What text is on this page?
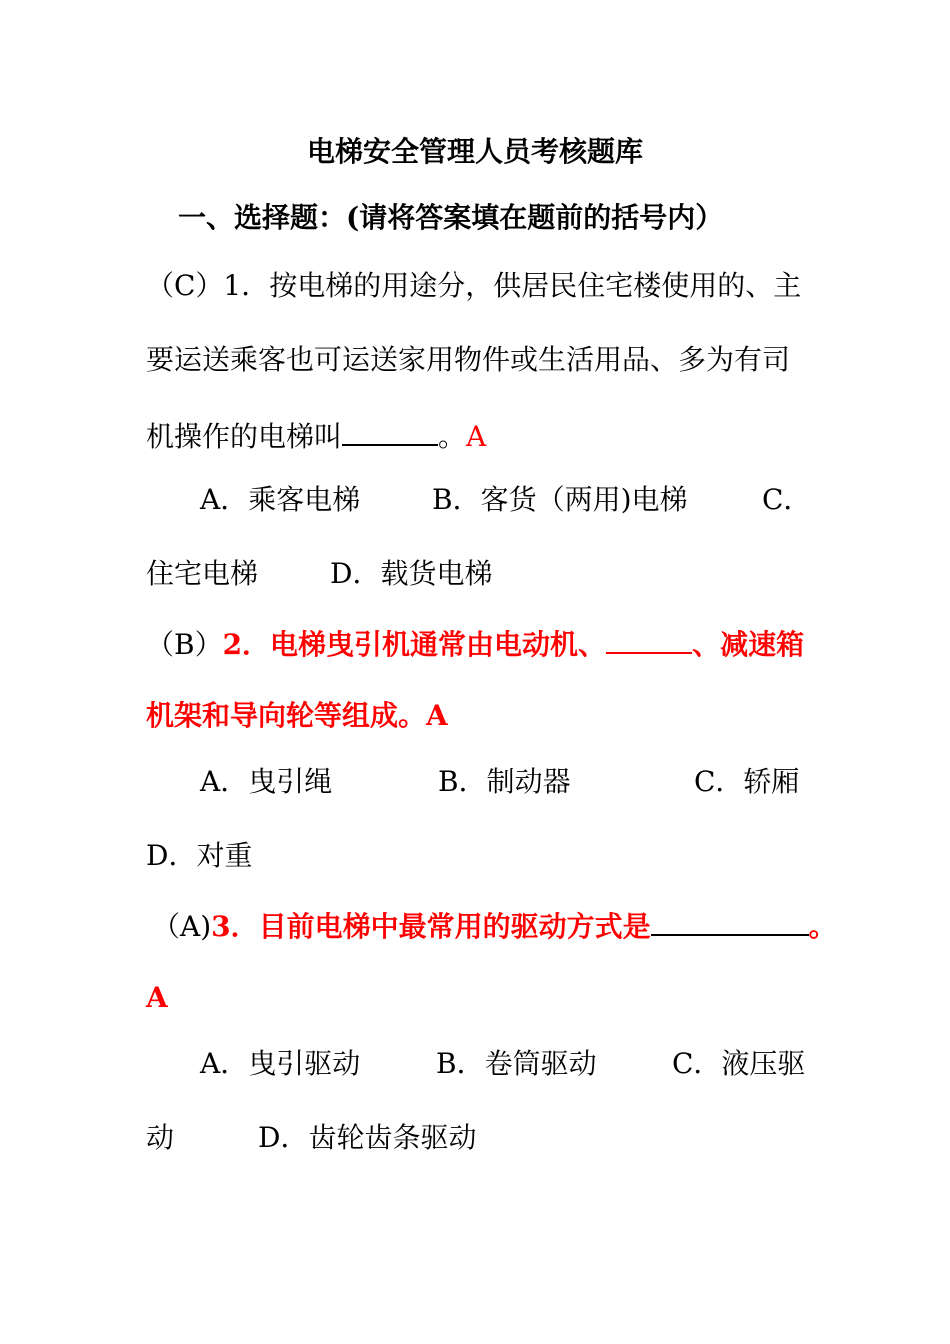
电梯安全管理人员考核题库
一、选择题：(请将答案填在题前的括号内）
（C）1．按电梯的用途分，供居民住宅楼使用的、主
要运送乘客也可运送家用物件或生活用品、多为有司
机操作的电梯叫	。A
A．乘客电梯	B．客货（两用)电梯	C．
住宅电梯	D．载货电梯
（B）2．电梯曳引机通常由电动机、	、减速箱
机架和导向轮等组成。A
A．曳引绳	B．制动器	C．轿厢
D．对重
（A)3．目前电梯中最常用的驱动方式是	。
A
A．曳引驱动	B．卷筒驱动	C．液压驱
动	D．齿轮齿条驱动
